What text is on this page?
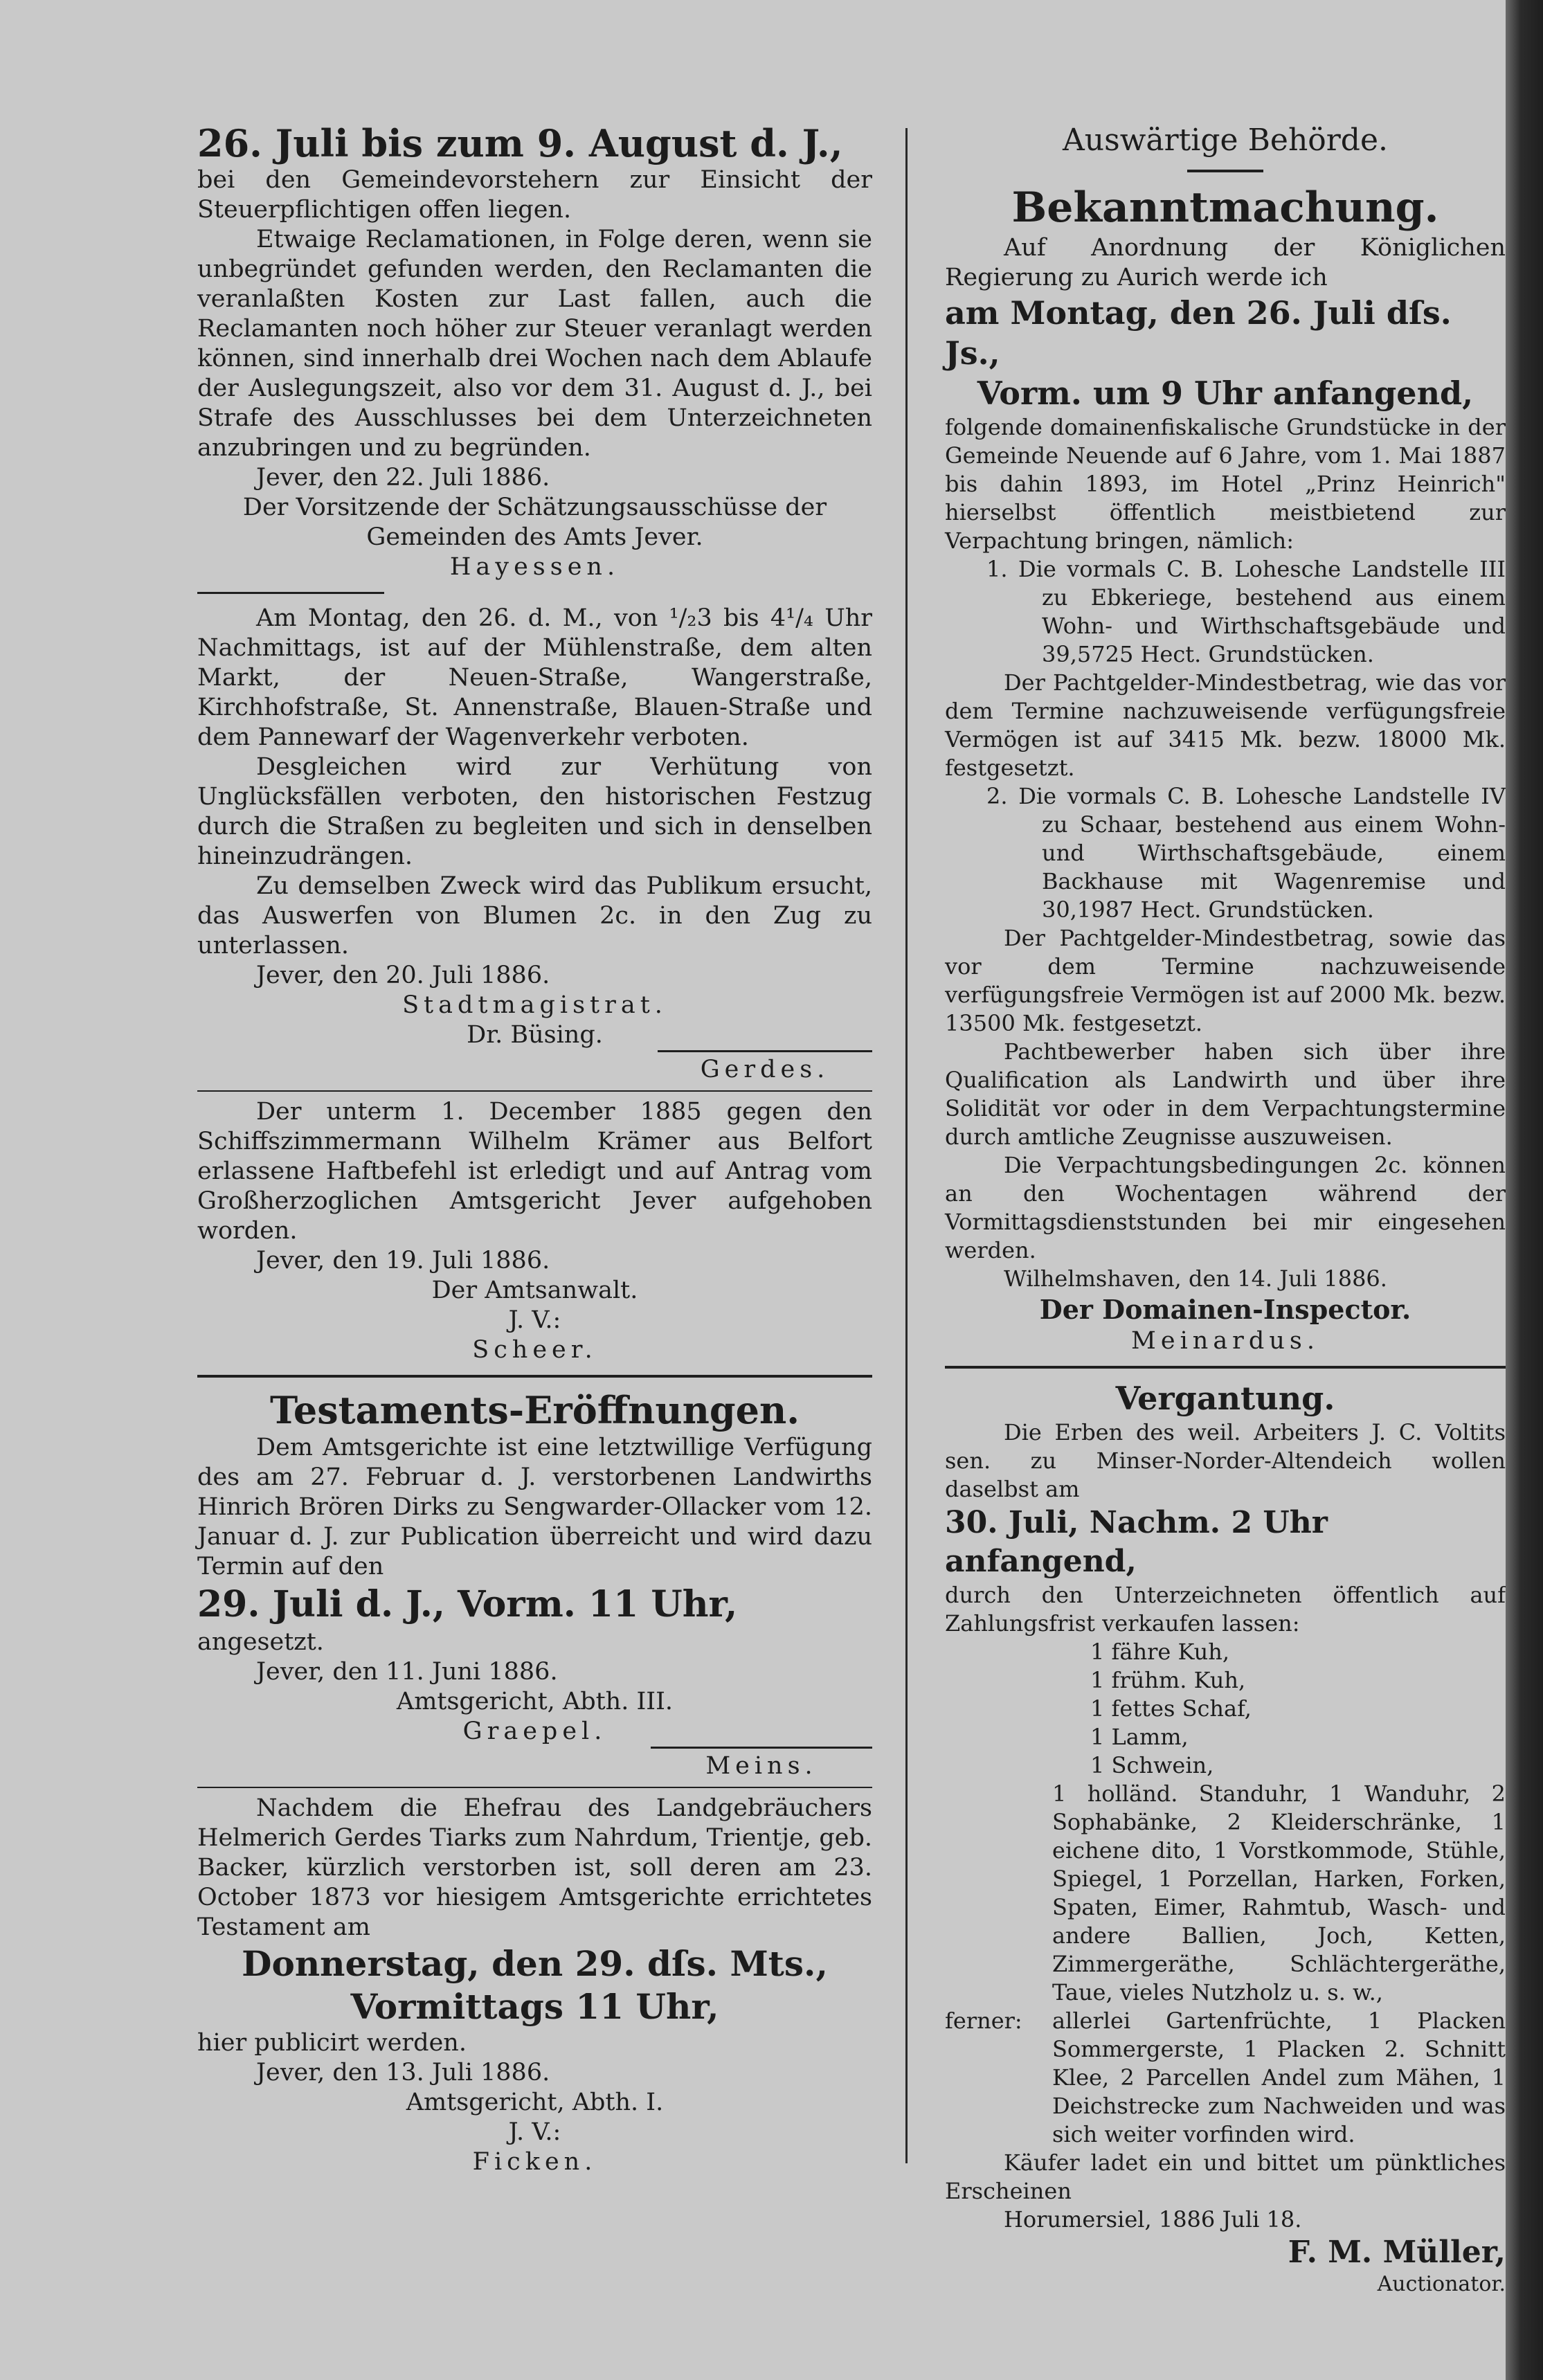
26. Juli bis zum 9. August d. J.,

bei den Gemeindevorstehern zur Einsicht der Steuerpflichtigen offen liegen.

Etwaige Reclamationen, in Folge deren, wenn sie unbegründet gefunden werden, den Reclamanten die veranlaßten Kosten zur Last fallen, auch die Reclamanten noch höher zur Steuer veranlagt werden können, sind innerhalb drei Wochen nach dem Ablaufe der Auslegungszeit, also vor dem 31. August d. J., bei Strafe des Ausschlusses bei dem Unterzeichneten anzubringen und zu begründen.

Jever, den 22. Juli 1886.

Der Vorsitzende der Schätzungsausschüsse der Gemeinden des Amts Jever.

Hayessen.

Am Montag, den 26. d. M., von ¹/₂3 bis 4¹/₄ Uhr Nachmittags, ist auf der Mühlenstraße, dem alten Markt, der Neuen-Straße, Wangerstraße, Kirchhofstraße, St. Annenstraße, Blauen-Straße und dem Pannewarf der Wagenverkehr verboten.

Desgleichen wird zur Verhütung von Unglücksfällen verboten, den historischen Festzug durch die Straßen zu begleiten und sich in denselben hineinzudrängen.

Zu demselben Zweck wird das Publikum ersucht, das Auswerfen von Blumen 2c. in den Zug zu unterlassen.

Jever, den 20. Juli 1886.

Stadtmagistrat.

Dr. Büsing.

Gerdes.

Der unterm 1. December 1885 gegen den Schiffszimmermann Wilhelm Krämer aus Belfort erlassene Haftbefehl ist erledigt und auf Antrag vom Großherzoglichen Amtsgericht Jever aufgehoben worden.

Jever, den 19. Juli 1886.

Der Amtsanwalt.

J. V.:

Scheer.

Testaments-Eröffnungen.

Dem Amtsgerichte ist eine letztwillige Verfügung des am 27. Februar d. J. verstorbenen Landwirths Hinrich Brören Dirks zu Sengwarder-Ollacker vom 12. Januar d. J. zur Publication überreicht und wird dazu Termin auf den

29. Juli d. J., Vorm. 11 Uhr,

angesetzt.

Jever, den 11. Juni 1886.

Amtsgericht, Abth. III.

Graepel.

Meins.

Nachdem die Ehefrau des Landgebräuchers Helmerich Gerdes Tiarks zum Nahrdum, Trientje, geb. Backer, kürzlich verstorben ist, soll deren am 23. October 1873 vor hiesigem Amtsgerichte errichtetes Testament am

Donnerstag, den 29. dſs. Mts.,

Vormittags 11 Uhr,

hier publicirt werden.

Jever, den 13. Juli 1886.

Amtsgericht, Abth. I.

J. V.:

Ficken.

Auswärtige Behörde.

Bekanntmachung.

Auf Anordnung der Königlichen Regierung zu Aurich werde ich

am Montag, den 26. Juli dſs. Js.,

Vorm. um 9 Uhr anfangend,

folgende domainenfiskalische Grundstücke in der Gemeinde Neuende auf 6 Jahre, vom 1. Mai 1887 bis dahin 1893, im Hotel „Prinz Heinrich" hierselbst öffentlich meistbietend zur Verpachtung bringen, nämlich:

1. Die vormals C. B. Lohesche Landstelle III zu Ebkeriege, bestehend aus einem Wohn- und Wirthschaftsgebäude und 39,5725 Hect. Grundstücken.

Der Pachtgelder-Mindestbetrag, wie das vor dem Termine nachzuweisende verfügungsfreie Vermögen ist auf 3415 Mk. bezw. 18000 Mk. festgesetzt.

2. Die vormals C. B. Lohesche Landstelle IV zu Schaar, bestehend aus einem Wohn- und Wirthschaftsgebäude, einem Backhause mit Wagenremise und 30,1987 Hect. Grundstücken.

Der Pachtgelder-Mindestbetrag, sowie das vor dem Termine nachzuweisende verfügungsfreie Vermögen ist auf 2000 Mk. bezw. 13500 Mk. festgesetzt.

Pachtbewerber haben sich über ihre Qualification als Landwirth und über ihre Solidität vor oder in dem Verpachtungstermine durch amtliche Zeugnisse auszuweisen.

Die Verpachtungsbedingungen 2c. können an den Wochentagen während der Vormittagsdienststunden bei mir eingesehen werden.

Wilhelmshaven, den 14. Juli 1886.

Der Domainen-Inspector.

Meinardus.

Vergantung.

Die Erben des weil. Arbeiters J. C. Voltits sen. zu Minser-Norder-Altendeich wollen daselbst am

30. Juli, Nachm. 2 Uhr anfangend,

durch den Unterzeichneten öffentlich auf Zahlungsfrist verkaufen lassen:

1 fähre Kuh,

1 frühm. Kuh,

1 fettes Schaf,

1 Lamm,

1 Schwein,

1 holländ. Standuhr, 1 Wanduhr, 2 Sophabänke, 2 Kleiderschränke, 1 eichene dito, 1 Vorstkommode, Stühle, Spiegel, 1 Porzellan, Harken, Forken, Spaten, Eimer, Rahmtub, Wasch- und andere Ballien, Joch, Ketten, Zimmergeräthe, Schlächtergeräthe, Taue, vieles Nutzholz u. s. w.,

ferner:	allerlei Gartenfrüchte, 1 Placken Sommergerste, 1 Placken 2. Schnitt Klee, 2 Parcellen Andel zum Mähen, 1 Deichstrecke zum Nachweiden und was sich weiter vorfinden wird.

Käufer ladet ein und bittet um pünktliches Erscheinen

Horumersiel, 1886 Juli 18.

F. M. Müller,

Auctionator.
